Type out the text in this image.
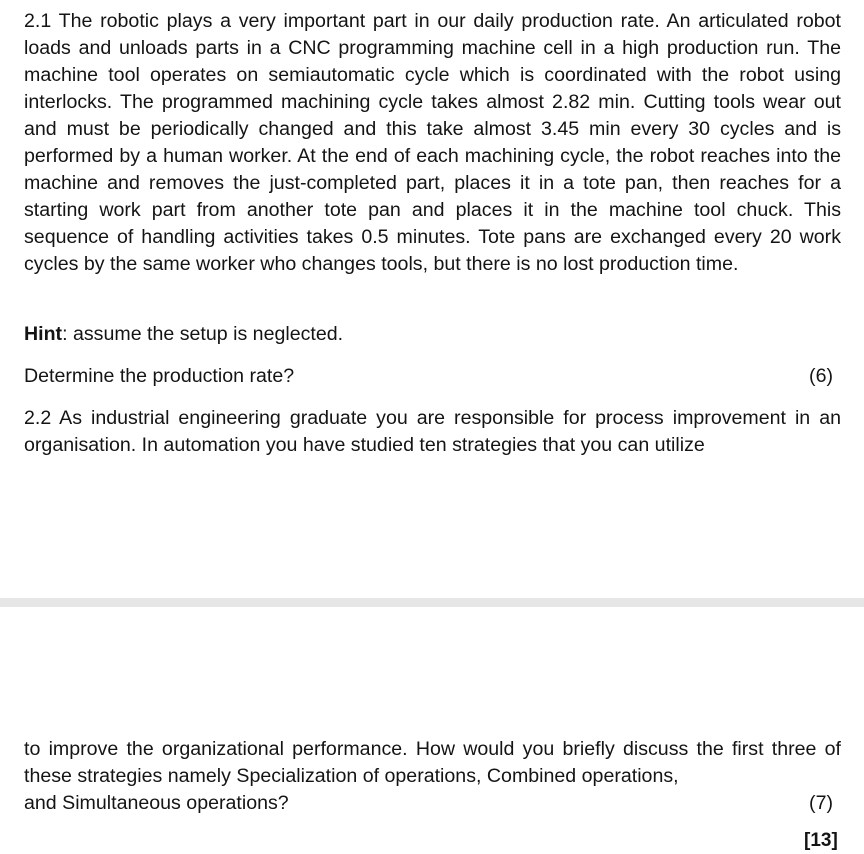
2.1 The robotic plays a very important part in our daily production rate. An articulated robot loads and unloads parts in a CNC programming machine cell in a high production run. The machine tool operates on semiautomatic cycle which is coordinated with the robot using interlocks. The programmed machining cycle takes almost 2.82 min. Cutting tools wear out and must be periodically changed and this take almost 3.45 min every 30 cycles and is performed by a human worker. At the end of each machining cycle, the robot reaches into the machine and removes the just-completed part, places it in a tote pan, then reaches for a starting work part from another tote pan and places it in the machine tool chuck. This sequence of handling activities takes 0.5 minutes. Tote pans are exchanged every 20 work cycles by the same worker who changes tools, but there is no lost production time.
Hint: assume the setup is neglected.
Determine the production rate?	(6)
2.2 As industrial engineering graduate you are responsible for process improvement in an organisation. In automation you have studied ten strategies that you can utilize
to improve the organizational performance. How would you briefly discuss the first three of these strategies namely Specialization of operations, Combined operations,
and Simultaneous operations?	(7)
[13]
